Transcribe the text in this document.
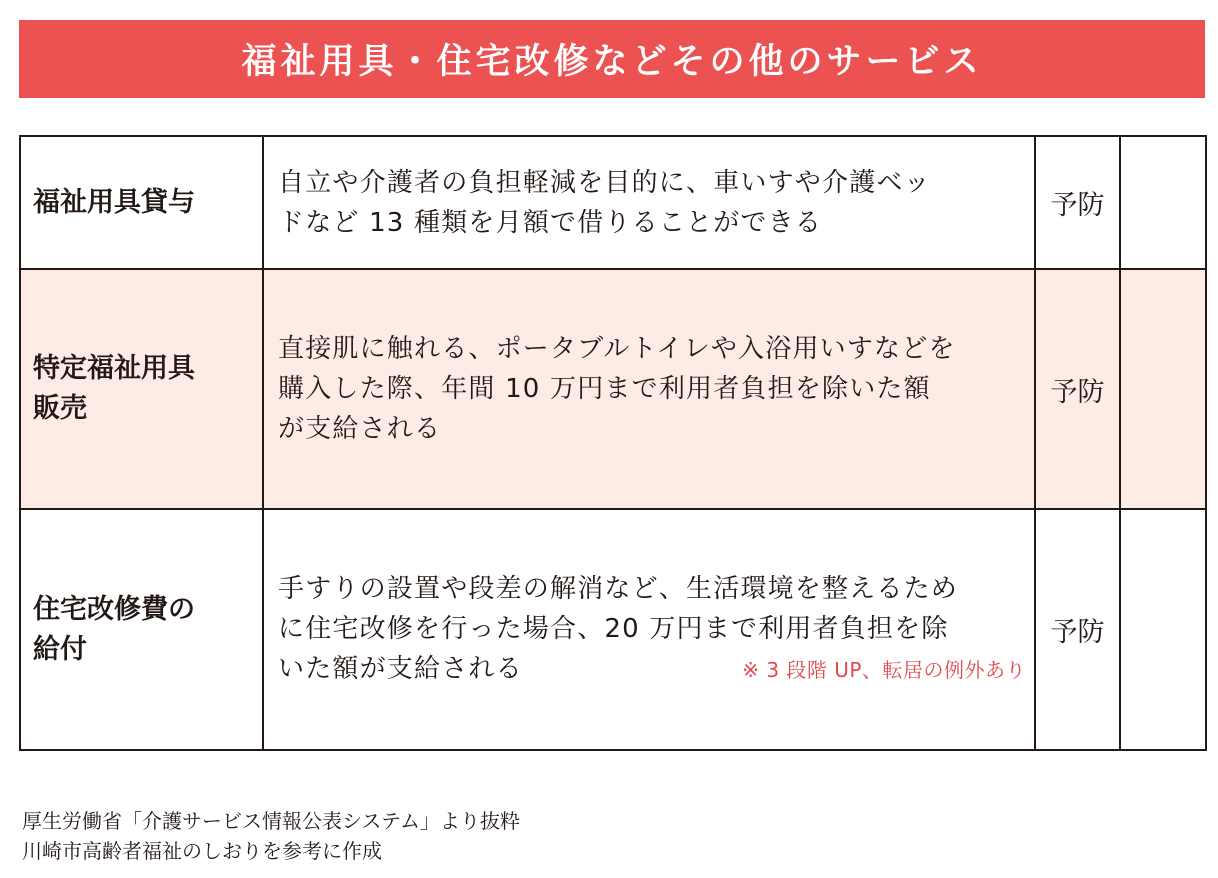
福祉用具・住宅改修などその他のサービス
福祉用具貸与	自立や介護者の負担軽減を目的に、車いすや介護ベッ
ドなど 13 種類を月額で借りることができる	予防	

特定福祉用具
販売	直接肌に触れる、ポータブルトイレや入浴用いすなどを
購入した際、年間 10 万円まで利用者負担を除いた額
が支給される	予防	

住宅改修費の
給付	手すりの設置や段差の解消など、生活環境を整えるため
に住宅改修を行った場合、20 万円まで利用者負担を除
いた額が支給される ※ 3 段階 UP、転居の例外あり	予防	
厚生労働省「介護サービス情報公表システム」より抜粋
川崎市高齢者福祉のしおりを参考に作成
